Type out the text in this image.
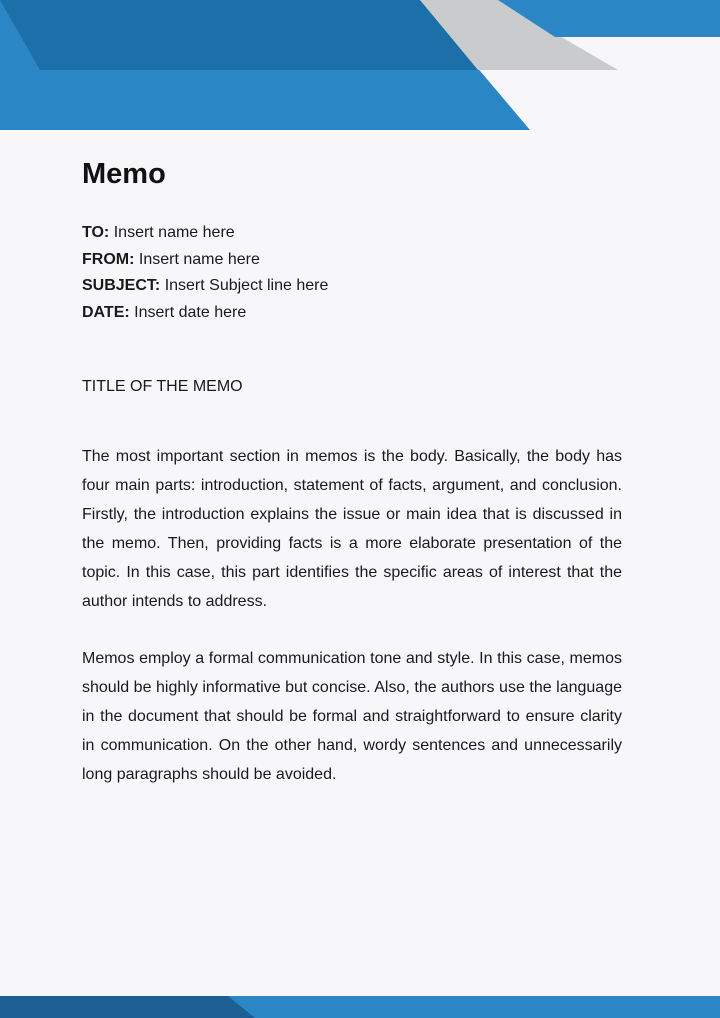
Memo
TO: Insert name here
FROM: Insert name here
SUBJECT: Insert Subject line here
DATE: Insert date here
TITLE OF THE MEMO

The most important section in memos is the body. Basically, the body has four main parts: introduction, statement of facts, argument, and conclusion. Firstly, the introduction explains the issue or main idea that is discussed in the memo. Then, providing facts is a more elaborate presentation of the topic. In this case, this part identifies the specific areas of interest that the author intends to address.

Memos employ a formal communication tone and style. In this case, memos should be highly informative but concise. Also, the authors use the language in the document that should be formal and straightforward to ensure clarity in communication. On the other hand, wordy sentences and unnecessarily long paragraphs should be avoided.
